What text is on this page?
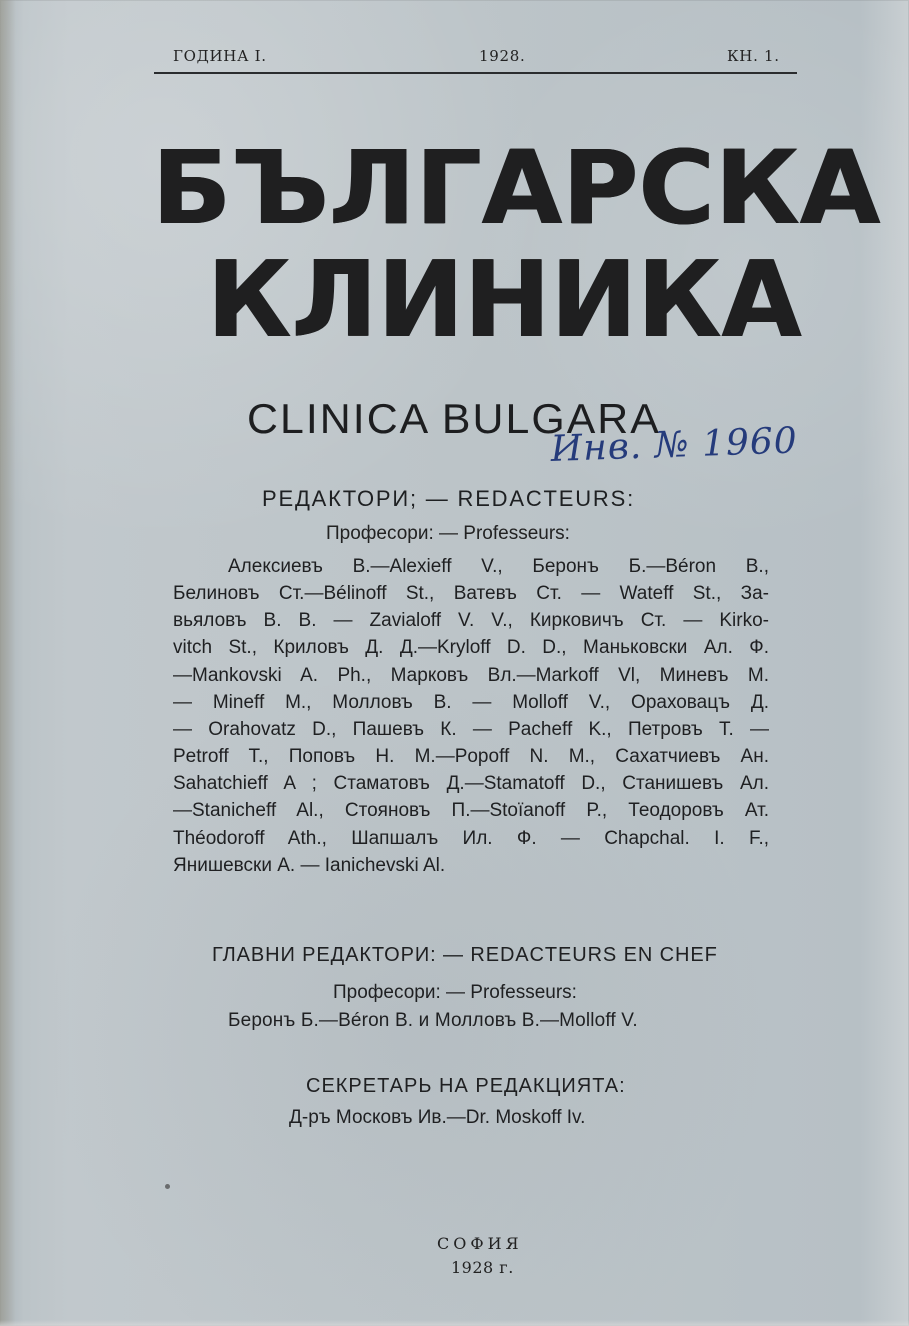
ГОДИНА I.	1928.	КН. 1.
БЪЛГАРСКА
КЛИНИКА
CLINICA BULGARA
Инв. № 1960
РЕДАКТОРИ; — REDACTEURS:
Професори: — Professeurs:
Алексиевъ В.—Alexieff V., Беронъ Б.—Béron B.,
Белиновъ Ст.—Bélinoff St., Ватевъ Ст. — Wateff St., За-
вьяловъ В. В. — Zavialoff V. V., Кирковичъ Ст. — Kirko-
vitch St., Криловъ Д. Д.—Kryloff D. D., Маньковски Ал. Ф.
—Mankovski A. Ph., Марковъ Вл.—Markoff Vl, Миневъ М.
— Mineff M., Молловъ В. — Molloff V., Ораховацъ Д.
— Orahovatz D., Пашевъ К. — Pacheff K., Петровъ Т. —
Petroff T., Поповъ Н. М.—Popoff N. M., Сахатчиевъ Ан.
Sahatchieff A ; Стаматовъ Д.—Stamatoff D., Станишевъ Ал.
—Stanicheff Al., Стояновъ П.—Stoïanoff P., Теодоровъ Ат.
Théodoroff Ath., Шапшалъ Ил. Ф. — Chapchal. I. F.,
Янишевски А. — Ianichevski Al.
ГЛАВНИ РЕДАКТОРИ: — REDACTEURS EN CHEF
Професори: — Professeurs:
Беронъ Б.—Béron B. и Молловъ В.—Molloff V.
СЕКРЕТАРЬ НА РЕДАКЦИЯТА:
Д-ръ Московъ Ив.—Dr. Moskoff Iv.
СОФИЯ
1928 г.
